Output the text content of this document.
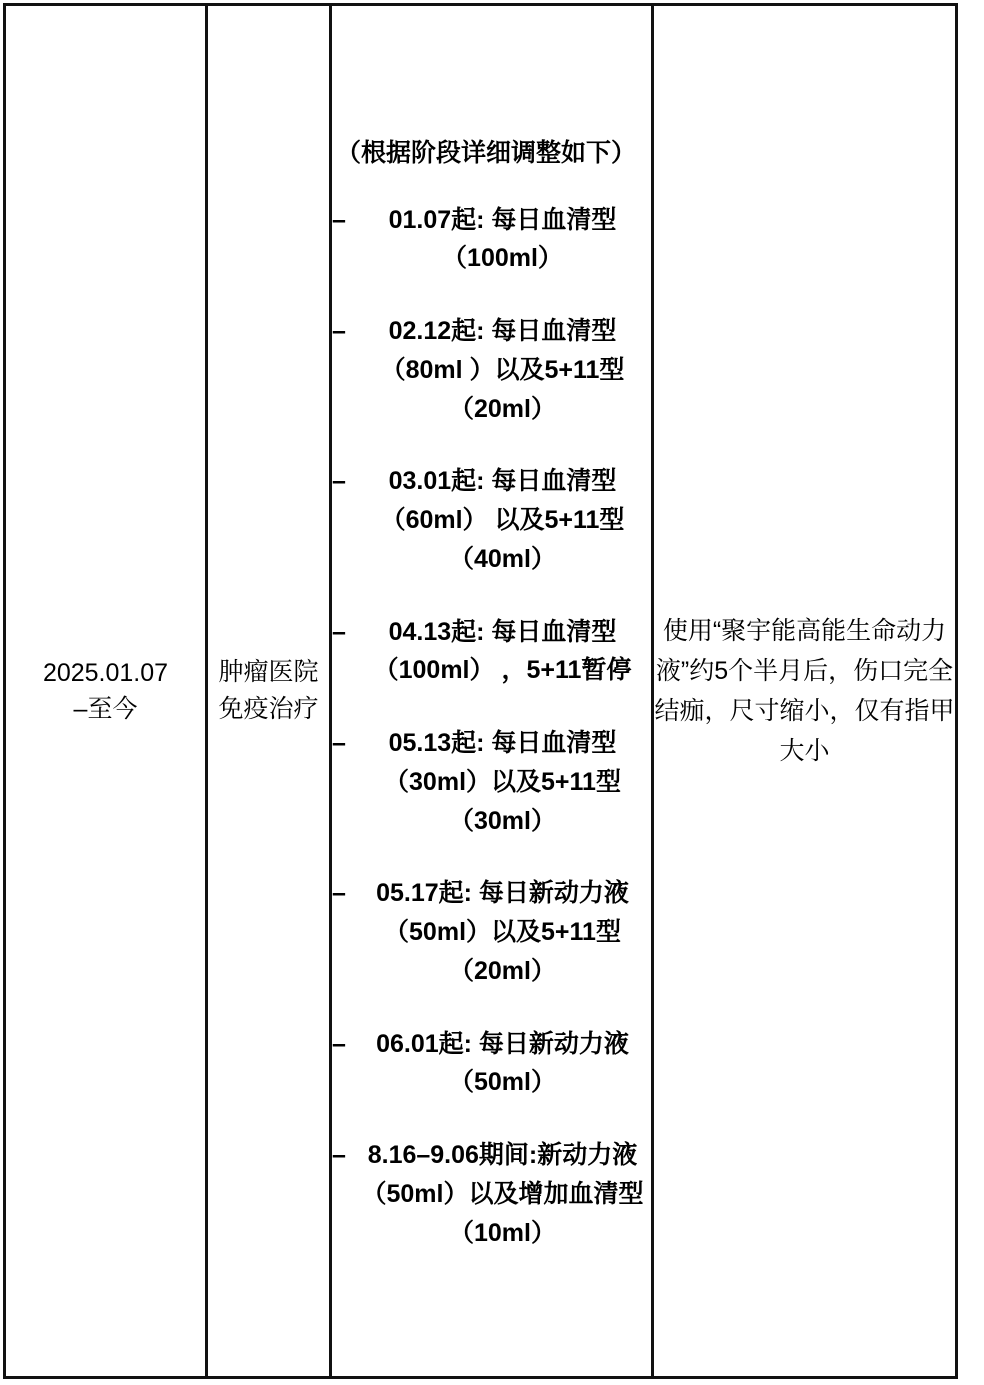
2025.01.07
–至今

肿瘤医院
免疫治疗

（根据阶段详细调整如下）
–	01.07起: 每日血清型（100ml）
–	02.12起: 每日血清型（80ml ）以及5+11型（20ml）
–	03.01起: 每日血清型（60ml） 以及5+11型（40ml）
–	04.13起: 每日血清型（100ml） ，5+11暂停
–	05.13起: 每日血清型（30ml）以及5+11型（30ml）
–	05.17起: 每日新动力液（50ml）以及5+11型（20ml）
–	06.01起: 每日新动力液（50ml）
– 8.16–9.06期间:新动力液（50ml）以及增加血清型（10ml）

使用“聚宇能高能生命动力液”约5个半月后，伤口完全结痂，尺寸缩小，仅有指甲大小
